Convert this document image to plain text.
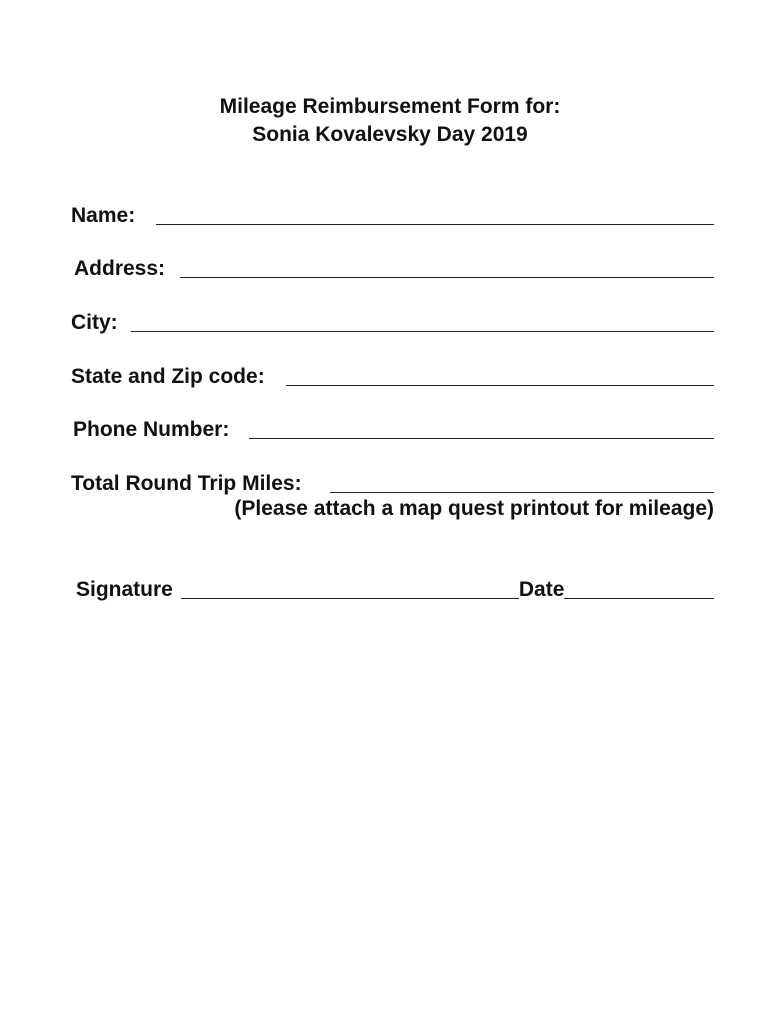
Mileage Reimbursement Form for:
Sonia Kovalevsky Day 2019
Name:
Address:
City:
State and Zip code:
Phone Number:
Total Round Trip Miles:
(Please attach a map quest printout for mileage)
Signature	Date
